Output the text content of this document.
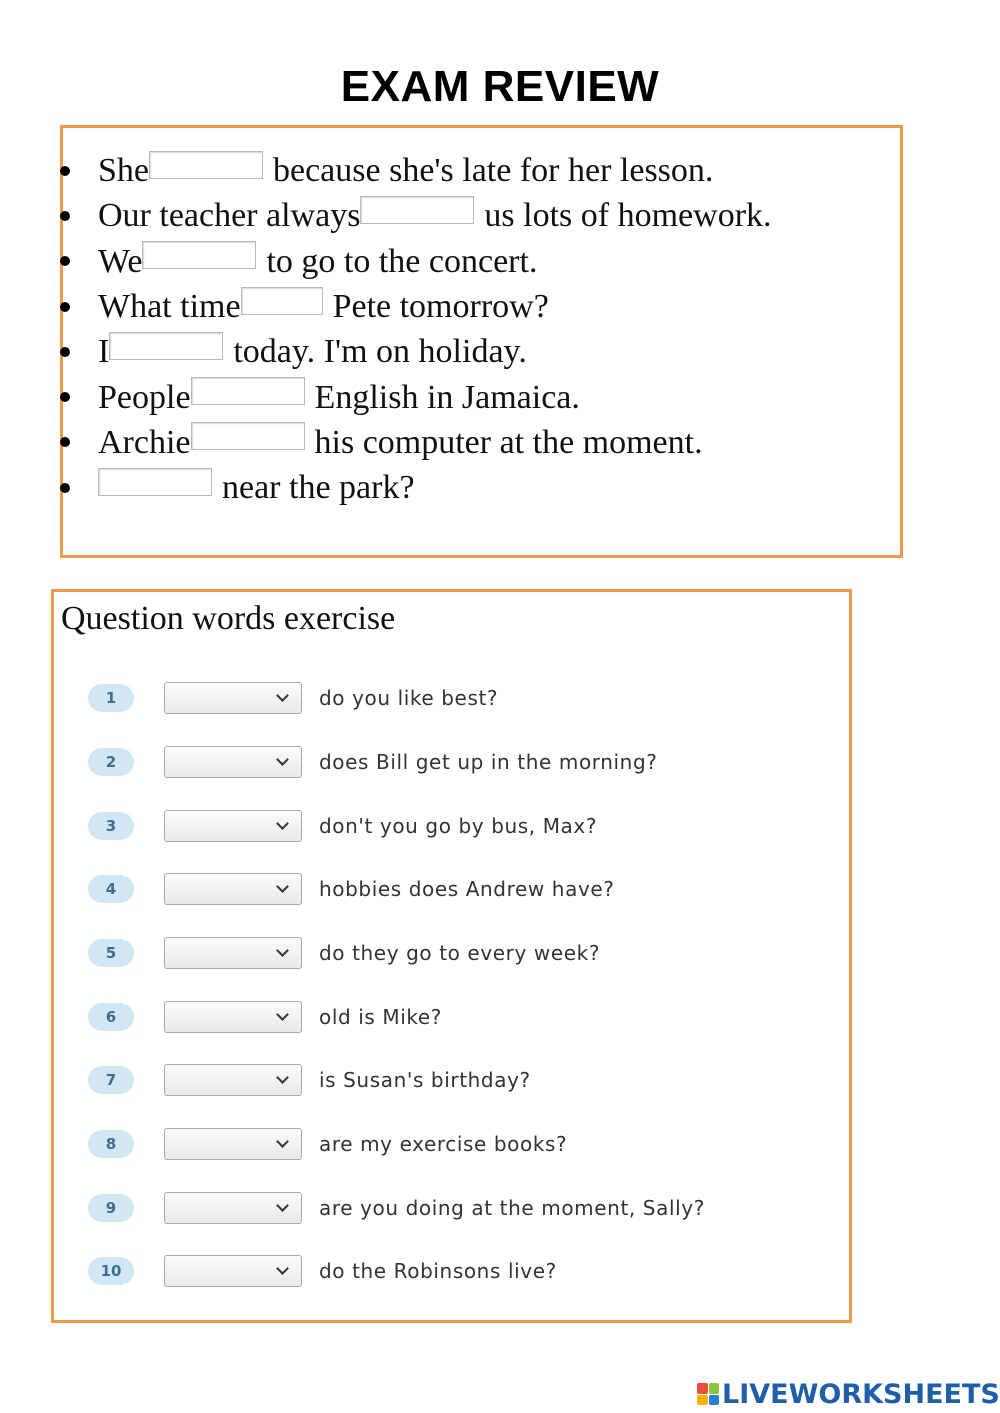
EXAM REVIEW
She	because she's late for her lesson.
Our teacher always	us lots of homework.
We	to go to the concert.
What time	Pete tomorrow?
I	today. I'm on holiday.
People	English in Jamaica.
Archie	his computer at the moment.
near the park?
Question words exercise
1	do you like best?
2	does Bill get up in the morning?
3	don't you go by bus, Max?
4	hobbies does Andrew have?
5	do they go to every week?
6	old is Mike?
7	is Susan's birthday?
8	are my exercise books?
9	are you doing at the moment, Sally?
10	do the Robinsons live?
LIVEWORKSHEETS
